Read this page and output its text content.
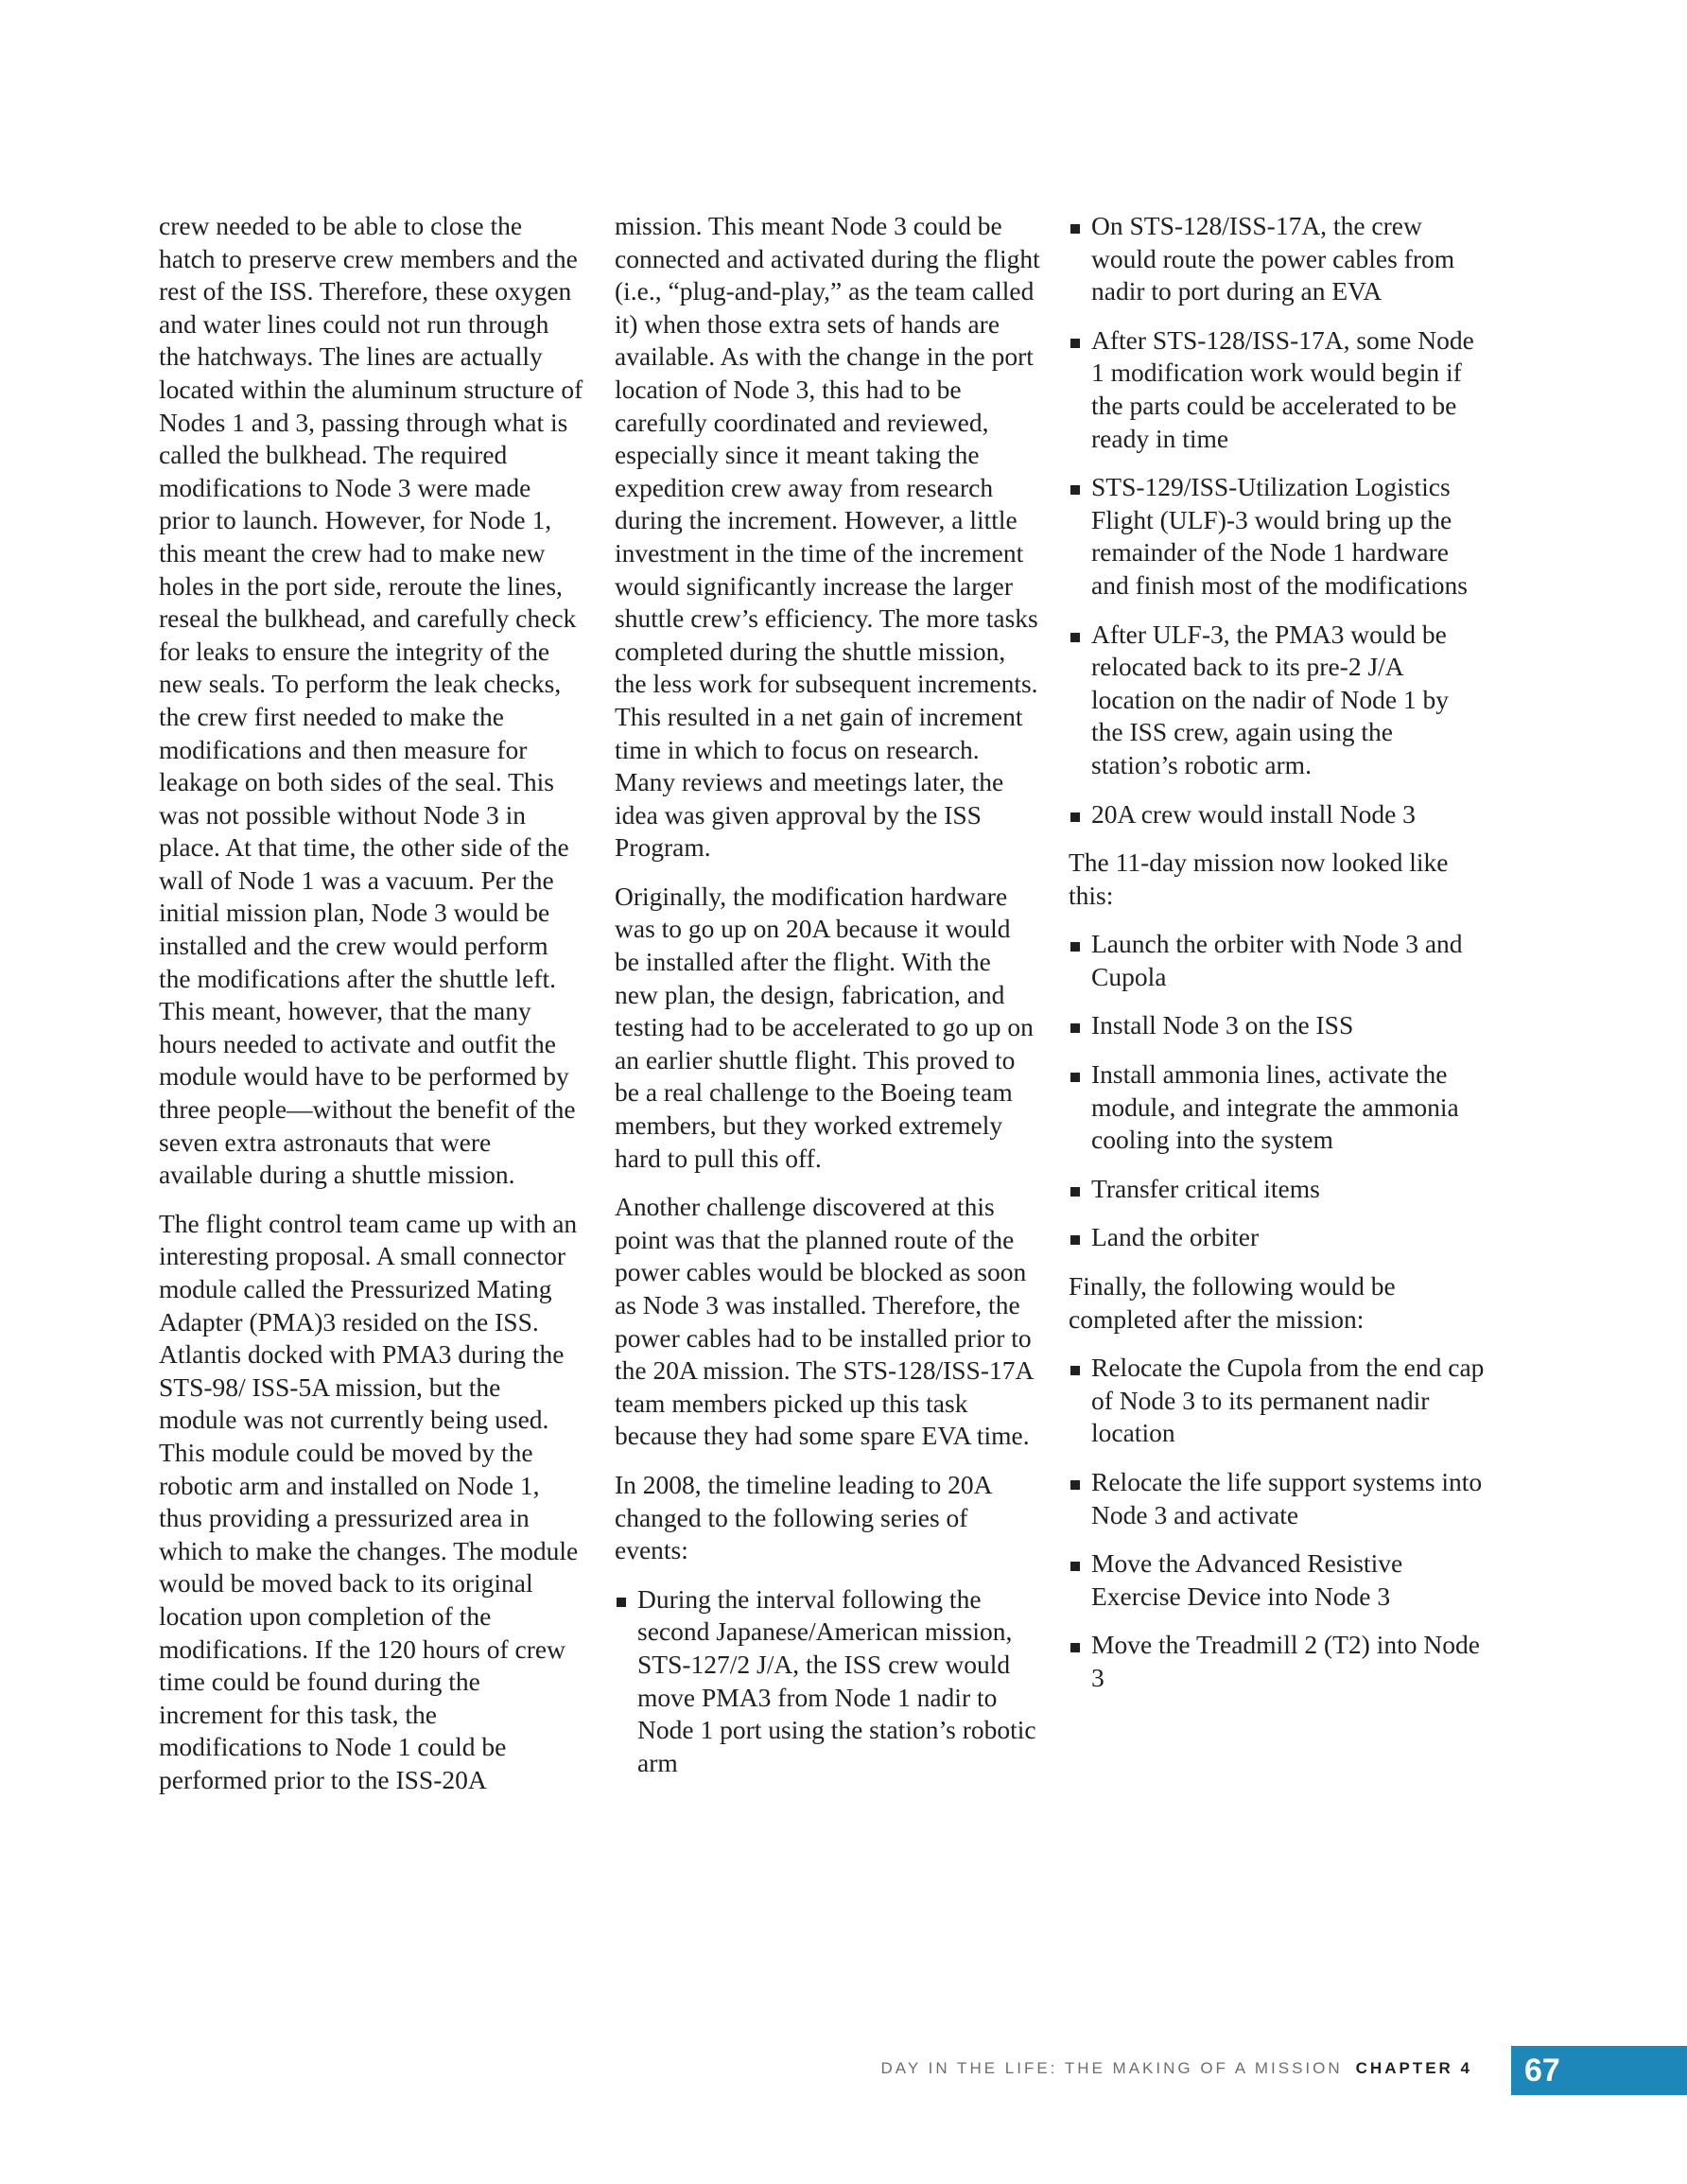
crew needed to be able to close the hatch to preserve crew members and the rest of the ISS. Therefore, these oxygen and water lines could not run through the hatchways. The lines are actually located within the aluminum structure of Nodes 1 and 3, passing through what is called the bulkhead. The required modifications to Node 3 were made prior to launch. However, for Node 1, this meant the crew had to make new holes in the port side, reroute the lines, reseal the bulkhead, and carefully check for leaks to ensure the integrity of the new seals. To perform the leak checks, the crew first needed to make the modifications and then measure for leakage on both sides of the seal. This was not possible without Node 3 in place. At that time, the other side of the wall of Node 1 was a vacuum. Per the initial mission plan, Node 3 would be installed and the crew would perform the modifications after the shuttle left. This meant, however, that the many hours needed to activate and outfit the module would have to be performed by three people—without the benefit of the seven extra astronauts that were available during a shuttle mission.

The flight control team came up with an interesting proposal. A small connector module called the Pressurized Mating Adapter (PMA)3 resided on the ISS. Atlantis docked with PMA3 during the STS-98/ ISS-5A mission, but the module was not currently being used. This module could be moved by the robotic arm and installed on Node 1, thus providing a pressurized area in which to make the changes. The module would be moved back to its original location upon completion of the modifications. If the 120 hours of crew time could be found during the increment for this task, the modifications to Node 1 could be performed prior to the ISS-20A

mission. This meant Node 3 could be connected and activated during the flight (i.e., “plug-and-play,” as the team called it) when those extra sets of hands are available. As with the change in the port location of Node 3, this had to be carefully coordinated and reviewed, especially since it meant taking the expedition crew away from research during the increment. However, a little investment in the time of the increment would significantly increase the larger shuttle crew’s efficiency. The more tasks completed during the shuttle mission, the less work for subsequent increments. This resulted in a net gain of increment time in which to focus on research. Many reviews and meetings later, the idea was given approval by the ISS Program.

Originally, the modification hardware was to go up on 20A because it would be installed after the flight. With the new plan, the design, fabrication, and testing had to be accelerated to go up on an earlier shuttle flight. This proved to be a real challenge to the Boeing team members, but they worked extremely hard to pull this off.

Another challenge discovered at this point was that the planned route of the power cables would be blocked as soon as Node 3 was installed. Therefore, the power cables had to be installed prior to the 20A mission. The STS-128/ISS-17A team members picked up this task because they had some spare EVA time.

In 2008, the timeline leading to 20A changed to the following series of events:

During the interval following the second Japanese/American mission, STS-127/2 J/A, the ISS crew would move PMA3 from Node 1 nadir to Node 1 port using the station’s robotic arm
On STS-128/ISS-17A, the crew would route the power cables from nadir to port during an EVA
After STS-128/ISS-17A, some Node 1 modification work would begin if the parts could be accelerated to be ready in time
STS-129/ISS-Utilization Logistics Flight (ULF)-3 would bring up the remainder of the Node 1 hardware and finish most of the modifications
After ULF-3, the PMA3 would be relocated back to its pre-2 J/A location on the nadir of Node 1 by the ISS crew, again using the station’s robotic arm.
20A crew would install Node 3

The 11-day mission now looked like this:

Launch the orbiter with Node 3 and Cupola
Install Node 3 on the ISS
Install ammonia lines, activate the module, and integrate the ammonia cooling into the system
Transfer critical items
Land the orbiter

Finally, the following would be completed after the mission:

Relocate the Cupola from the end cap of Node 3 to its permanent nadir location
Relocate the life support systems into Node 3 and activate
Move the Advanced Resistive Exercise Device into Node 3
Move the Treadmill 2 (T2) into Node 3
DAY IN THE LIFE: THE MAKING OF A MISSION CHAPTER 4	67
